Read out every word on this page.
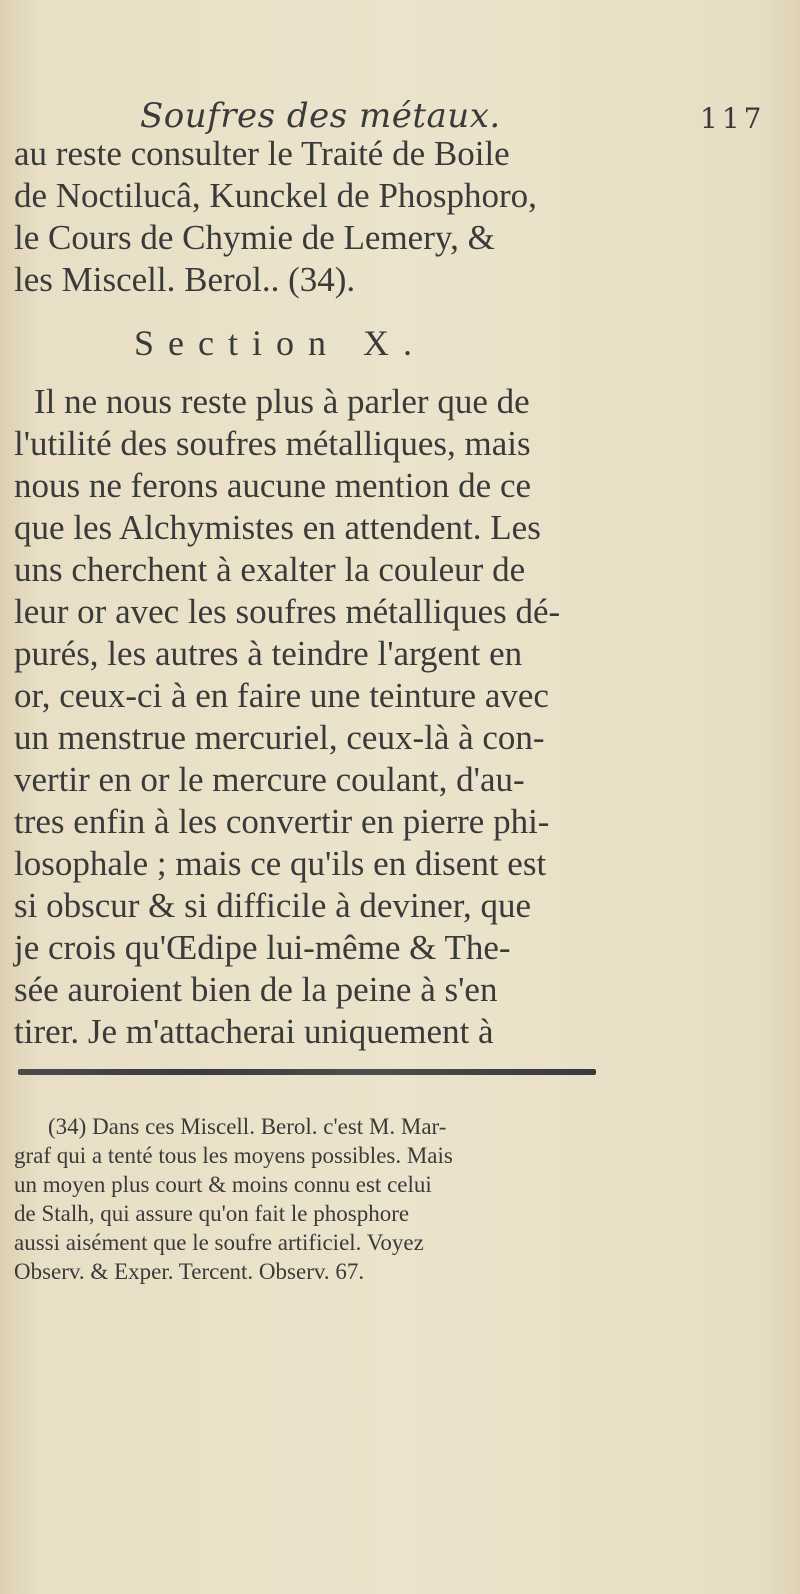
Soufres des métaux.	117
au reste consulter le Traité de Boile
de Noctilucâ, Kunckel de Phosphoro,
le Cours de Chymie de Lemery, &
les Miscell. Berol.. (34).
Section X.
Il ne nous reste plus à parler que de
l'utilité des soufres métalliques, mais
nous ne ferons aucune mention de ce
que les Alchymistes en attendent. Les
uns cherchent à exalter la couleur de
leur or avec les soufres métalliques dé-
purés, les autres à teindre l'argent en
or, ceux-ci à en faire une teinture avec
un menstrue mercuriel, ceux-là à con-
vertir en or le mercure coulant, d'au-
tres enfin à les convertir en pierre phi-
losophale ; mais ce qu'ils en disent est
si obscur & si difficile à deviner, que
je crois qu'Œdipe lui-même & The-
sée auroient bien de la peine à s'en
tirer. Je m'attacherai uniquement à
(34) Dans ces Miscell. Berol. c'est M. Mar-
graf qui a tenté tous les moyens possibles. Mais
un moyen plus court & moins connu est celui
de Stalh, qui assure qu'on fait le phosphore
aussi aisément que le soufre artificiel. Voyez
Observ. & Exper. Tercent. Observ. 67.
